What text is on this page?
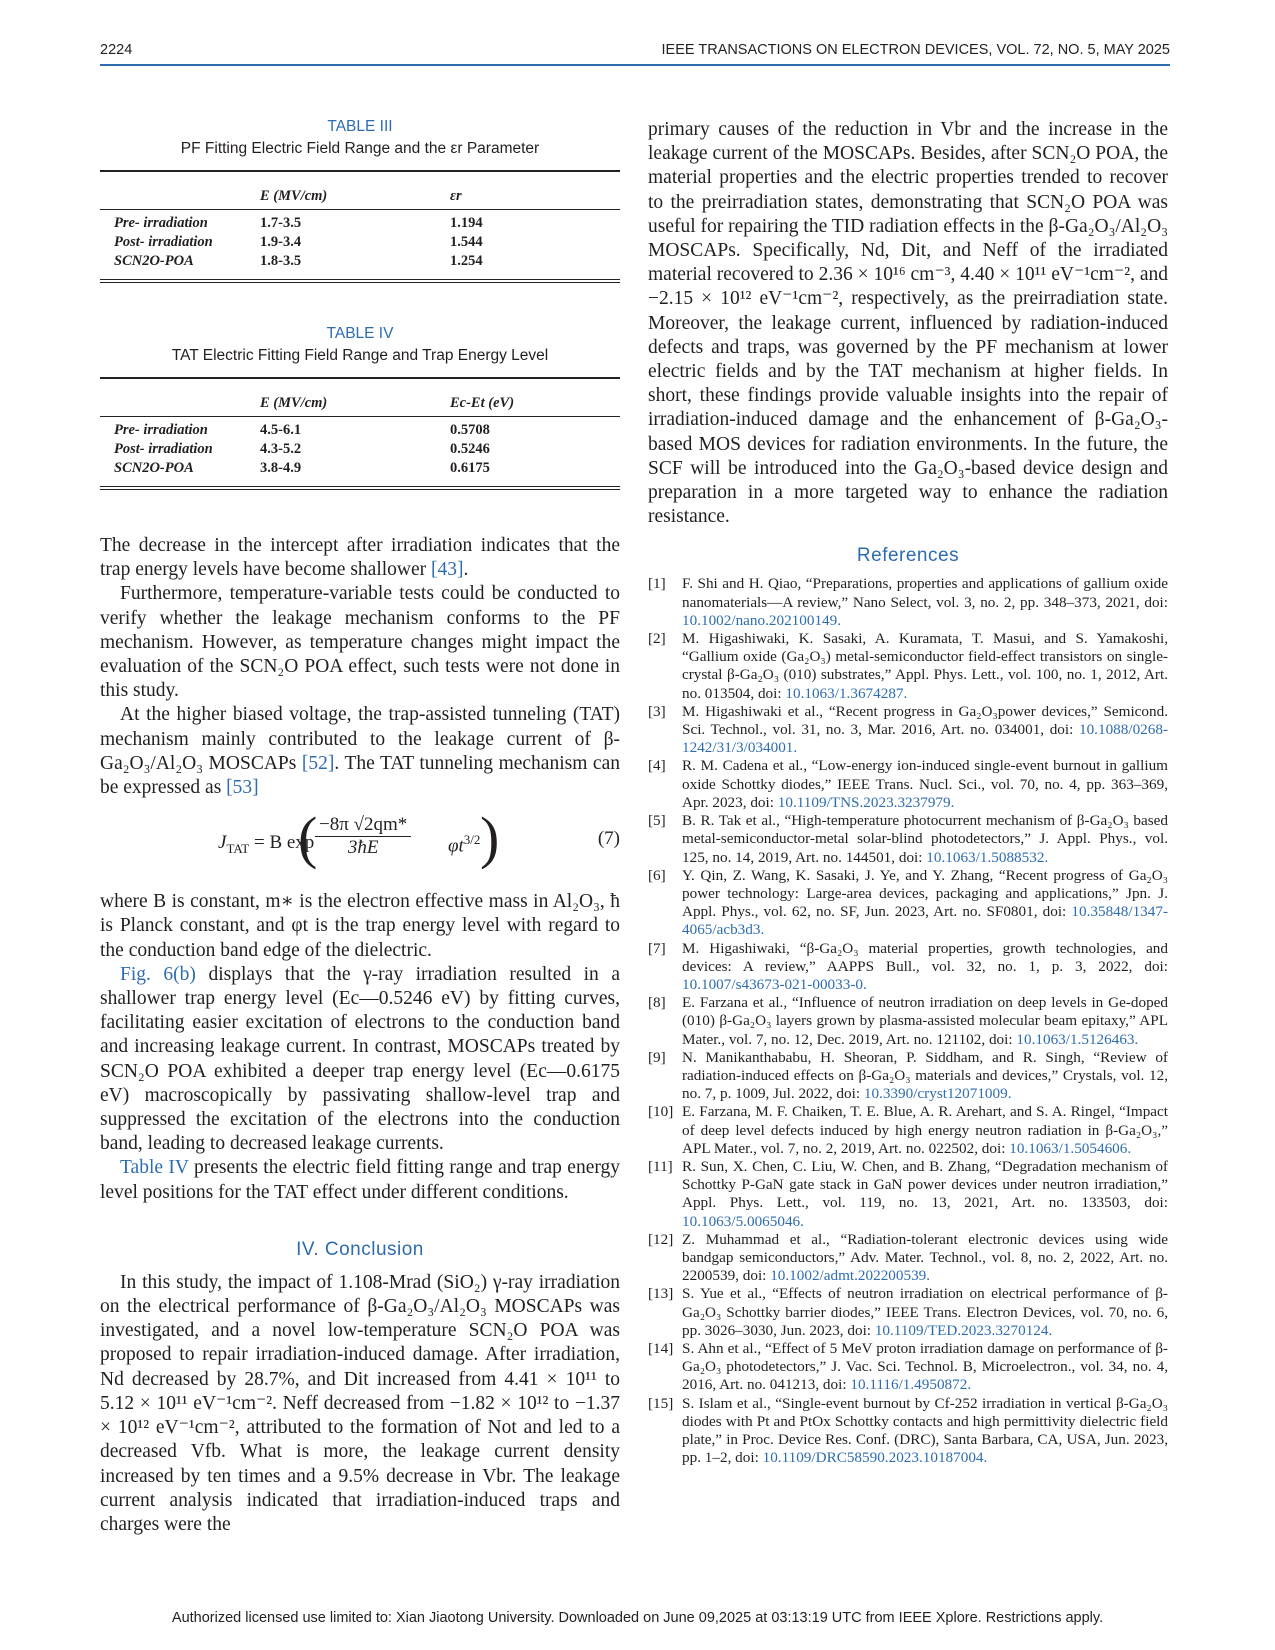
2224	IEEE TRANSACTIONS ON ELECTRON DEVICES, VOL. 72, NO. 5, MAY 2025
TABLE III
PF Fitting Electric Field Range and the εr Parameter
	E (MV/cm)	εr
Pre- irradiation	1.7-3.5	1.194
Post- irradiation	1.9-3.4	1.544
SCN2O-POA	1.8-3.5	1.254
TABLE IV
TAT Electric Fitting Field Range and Trap Energy Level
	E (MV/cm)	Ec-Et (eV)
Pre- irradiation	4.5-6.1	0.5708
Post- irradiation	4.3-5.2	0.5246
SCN2O-POA	3.8-4.9	0.6175

The decrease in the intercept after irradiation indicates that the trap energy levels have become shallower [43].

Furthermore, temperature-variable tests could be conducted to verify whether the leakage mechanism conforms to the PF mechanism. However, as temperature changes might impact the evaluation of the SCN₂O POA effect, such tests were not done in this study.

At the higher biased voltage, the trap-assisted tunneling (TAT) mechanism mainly contributed to the leakage current of β-Ga₂O₃/Al₂O₃ MOSCAPs [52]. The TAT tunneling mechanism can be expressed as [53]

$J_{TAT} = B$ exp
(
$\frac{-8\pi √2qm*}{3ħE} \varphi t^{3/2}$ )	(7)

where B is constant, m∗ is the electron effective mass in Al₂O₃, ħ is Planck constant, and φt is the trap energy level with regard to the conduction band edge of the dielectric.

Fig. 6(b) displays that the γ-ray irradiation resulted in a shallower trap energy level (Ec—0.5246 eV) by fitting curves, facilitating easier excitation of electrons to the conduction band and increasing leakage current. In contrast, MOSCAPs treated by SCN₂O POA exhibited a deeper trap energy level (Ec—0.6175 eV) macroscopically by passivating shallow-level trap and suppressed the excitation of the electrons into the conduction band, leading to decreased leakage currents.

Table IV presents the electric field fitting range and trap energy level positions for the TAT effect under different conditions.

IV. Conclusion

In this study, the impact of 1.108-Mrad (SiO₂) γ-ray irradiation on the electrical performance of β-Ga₂O₃/Al₂O₃ MOSCAPs was investigated, and a novel low-temperature SCN₂O POA was proposed to repair irradiation-induced damage. After irradiation, Nd decreased by 28.7%, and Dit increased from 4.41 × 10¹¹ to 5.12 × 10¹¹ eV⁻¹cm⁻². Neff decreased from −1.82 × 10¹² to −1.37 × 10¹² eV⁻¹cm⁻², attributed to the formation of Not and led to a decreased Vfb. What is more, the leakage current density increased by ten times and a 9.5% decrease in Vbr. The leakage current analysis indicated that irradiation-induced traps and charges were the

primary causes of the reduction in Vbr and the increase in the leakage current of the MOSCAPs. Besides, after SCN₂O POA, the material properties and the electric properties trended to recover to the preirradiation states, demonstrating that SCN₂O POA was useful for repairing the TID radiation effects in the β-Ga₂O₃/Al₂O₃ MOSCAPs. Specifically, Nd, Dit, and Neff of the irradiated material recovered to 2.36 × 10¹⁶ cm⁻³, 4.40 × 10¹¹ eV⁻¹cm⁻², and −2.15 × 10¹² eV⁻¹cm⁻², respectively, as the preirradiation state. Moreover, the leakage current, influenced by radiation-induced defects and traps, was governed by the PF mechanism at lower electric fields and by the TAT mechanism at higher fields. In short, these findings provide valuable insights into the repair of irradiation-induced damage and the enhancement of β-Ga₂O₃-based MOS devices for radiation environments. In the future, the SCF will be introduced into the Ga₂O₃-based device design and preparation in a more targeted way to enhance the radiation resistance.

References
[1] F. Shi and H. Qiao, “Preparations, properties and applications of gallium oxide nanomaterials—A review,” Nano Select, vol. 3, no. 2, pp. 348–373, 2021, doi: 10.1002/nano.202100149.
[2] M. Higashiwaki, K. Sasaki, A. Kuramata, T. Masui, and S. Yamakoshi, “Gallium oxide (Ga₂O₃) metal-semiconductor field-effect transistors on single-crystal β-Ga₂O₃ (010) substrates,” Appl. Phys. Lett., vol. 100, no. 1, 2012, Art. no. 013504, doi: 10.1063/1.3674287.
[3] M. Higashiwaki et al., “Recent progress in Ga₂O₃power devices,” Semicond. Sci. Technol., vol. 31, no. 3, Mar. 2016, Art. no. 034001, doi: 10.1088/0268-1242/31/3/034001.
[4] R. M. Cadena et al., “Low-energy ion-induced single-event burnout in gallium oxide Schottky diodes,” IEEE Trans. Nucl. Sci., vol. 70, no. 4, pp. 363–369, Apr. 2023, doi: 10.1109/TNS.2023.3237979.
[5] B. R. Tak et al., “High-temperature photocurrent mechanism of β-Ga₂O₃ based metal-semiconductor-metal solar-blind photodetectors,” J. Appl. Phys., vol. 125, no. 14, 2019, Art. no. 144501, doi: 10.1063/1.5088532.
[6] Y. Qin, Z. Wang, K. Sasaki, J. Ye, and Y. Zhang, “Recent progress of Ga₂O₃ power technology: Large-area devices, packaging and applications,” Jpn. J. Appl. Phys., vol. 62, no. SF, Jun. 2023, Art. no. SF0801, doi: 10.35848/1347-4065/acb3d3.
[7] M. Higashiwaki, “β-Ga₂O₃ material properties, growth technologies, and devices: A review,” AAPPS Bull., vol. 32, no. 1, p. 3, 2022, doi: 10.1007/s43673-021-00033-0.
[8] E. Farzana et al., “Influence of neutron irradiation on deep levels in Ge-doped (010) β-Ga₂O₃ layers grown by plasma-assisted molecular beam epitaxy,” APL Mater., vol. 7, no. 12, Dec. 2019, Art. no. 121102, doi: 10.1063/1.5126463.
[9] N. Manikanthababu, H. Sheoran, P. Siddham, and R. Singh, “Review of radiation-induced effects on β-Ga₂O₃ materials and devices,” Crystals, vol. 12, no. 7, p. 1009, Jul. 2022, doi: 10.3390/cryst12071009.
[10] E. Farzana, M. F. Chaiken, T. E. Blue, A. R. Arehart, and S. A. Ringel, “Impact of deep level defects induced by high energy neutron radiation in β-Ga₂O₃,” APL Mater., vol. 7, no. 2, 2019, Art. no. 022502, doi: 10.1063/1.5054606.
[11] R. Sun, X. Chen, C. Liu, W. Chen, and B. Zhang, “Degradation mechanism of Schottky P-GaN gate stack in GaN power devices under neutron irradiation,” Appl. Phys. Lett., vol. 119, no. 13, 2021, Art. no. 133503, doi: 10.1063/5.0065046.
[12] Z. Muhammad et al., “Radiation-tolerant electronic devices using wide bandgap semiconductors,” Adv. Mater. Technol., vol. 8, no. 2, 2022, Art. no. 2200539, doi: 10.1002/admt.202200539.
[13] S. Yue et al., “Effects of neutron irradiation on electrical performance of β-Ga₂O₃ Schottky barrier diodes,” IEEE Trans. Electron Devices, vol. 70, no. 6, pp. 3026–3030, Jun. 2023, doi: 10.1109/TED.2023.3270124.
[14] S. Ahn et al., “Effect of 5 MeV proton irradiation damage on performance of β-Ga₂O₃ photodetectors,” J. Vac. Sci. Technol. B, Microelectron., vol. 34, no. 4, 2016, Art. no. 041213, doi: 10.1116/1.4950872.
[15] S. Islam et al., “Single-event burnout by Cf-252 irradiation in vertical β-Ga₂O₃ diodes with Pt and PtOx Schottky contacts and high permittivity dielectric field plate,” in Proc. Device Res. Conf. (DRC), Santa Barbara, CA, USA, Jun. 2023, pp. 1–2, doi: 10.1109/DRC58590.2023.10187004.
Authorized licensed use limited to: Xian Jiaotong University. Downloaded on June 09,2025 at 03:13:19 UTC from IEEE Xplore. Restrictions apply.
